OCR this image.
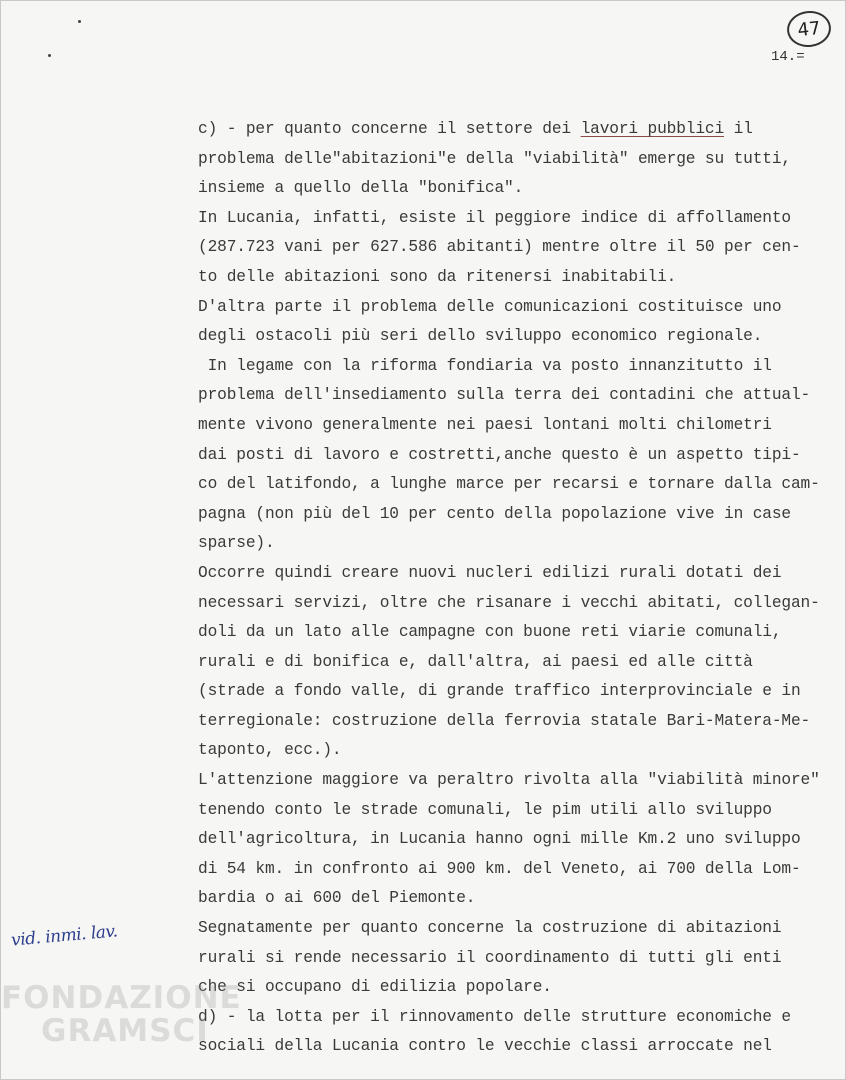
47
14.=
c) - per quanto concerne il settore dei lavori pubblici il
problema delle"abitazioni"e della "viabilità" emerge su tutti,
insieme a quello della "bonifica".
In Lucania, infatti, esiste il peggiore indice di affollamento
(287.723 vani per 627.586 abitanti) mentre oltre il 50 per cen-
to delle abitazioni sono da ritenersi inabitabili.
D'altra parte il problema delle comunicazioni costituisce uno
degli ostacoli più seri dello sviluppo economico regionale.
In legame con la riforma fondiaria va posto innanzitutto il
problema dell'insediamento sulla terra dei contadini che attual-
mente vivono generalmente nei paesi lontani molti chilometri
dai posti di lavoro e costretti,anche questo è un aspetto tipi-
co del latifondo, a lunghe marce per recarsi e tornare dalla cam-
pagna (non più del 10 per cento della popolazione vive in case
sparse).
Occorre quindi creare nuovi nucleri edilizi rurali dotati dei
necessari servizi, oltre che risanare i vecchi abitati, collegan-
doli da un lato alle campagne con buone reti viarie comunali,
rurali e di bonifica e, dall'altra, ai paesi ed alle città
(strade a fondo valle, di grande traffico interprovinciale e in
terregionale: costruzione della ferrovia statale Bari-Matera-Me-
taponto, ecc.).
L'attenzione maggiore va peraltro rivolta alla "viabilità minore"
tenendo conto le strade comunali, le pim utili allo sviluppo
dell'agricoltura, in Lucania hanno ogni mille Km.2 uno sviluppo
di 54 km. in confronto ai 900 km. del Veneto, ai 700 della Lom-
bardia o ai 600 del Piemonte.
Segnatamente per quanto concerne la costruzione di abitazioni
rurali si rende necessario il coordinamento di tutti gli enti
che si occupano di edilizia popolare.
d) - la lotta per il rinnovamento delle strutture economiche e
sociali della Lucania contro le vecchie classi arroccate nel
vid. inmi. lav.
FONDAZIONE
GRAMSCI
